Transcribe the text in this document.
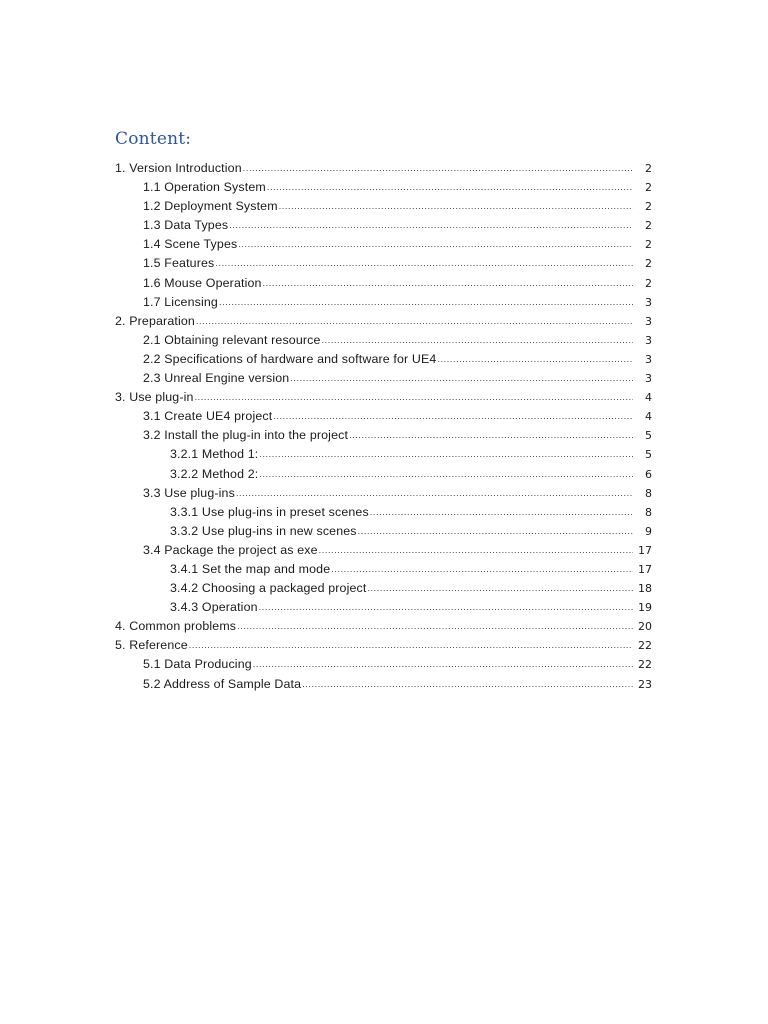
Content:
1. Version Introduction .....	2
1.1 Operation System .....	2
1.2 Deployment System .....	2
1.3 Data Types .....	2
1.4 Scene Types .....	2
1.5 Features .....	2
1.6 Mouse Operation .....	2
1.7 Licensing .....	3
2. Preparation .....	3
2.1 Obtaining relevant resource .....	3
2.2 Specifications of hardware and software for UE4 .....	3
2.3 Unreal Engine version .....	3
3. Use plug-in .....	4
3.1 Create UE4 project .....	4
3.2 Install the plug-in into the project .....	5
3.2.1 Method 1: .....	5
3.2.2 Method 2: .....	6
3.3 Use plug-ins .....	8
3.3.1 Use plug-ins in preset scenes .....	8
3.3.2 Use plug-ins in new scenes .....	9
3.4 Package the project as exe .....	17
3.4.1 Set the map and mode .....	17
3.4.2 Choosing a packaged project .....	18
3.4.3 Operation .....	19
4. Common problems .....	20
5. Reference .....	22
5.1 Data Producing .....	22
5.2 Address of Sample Data .....	23
